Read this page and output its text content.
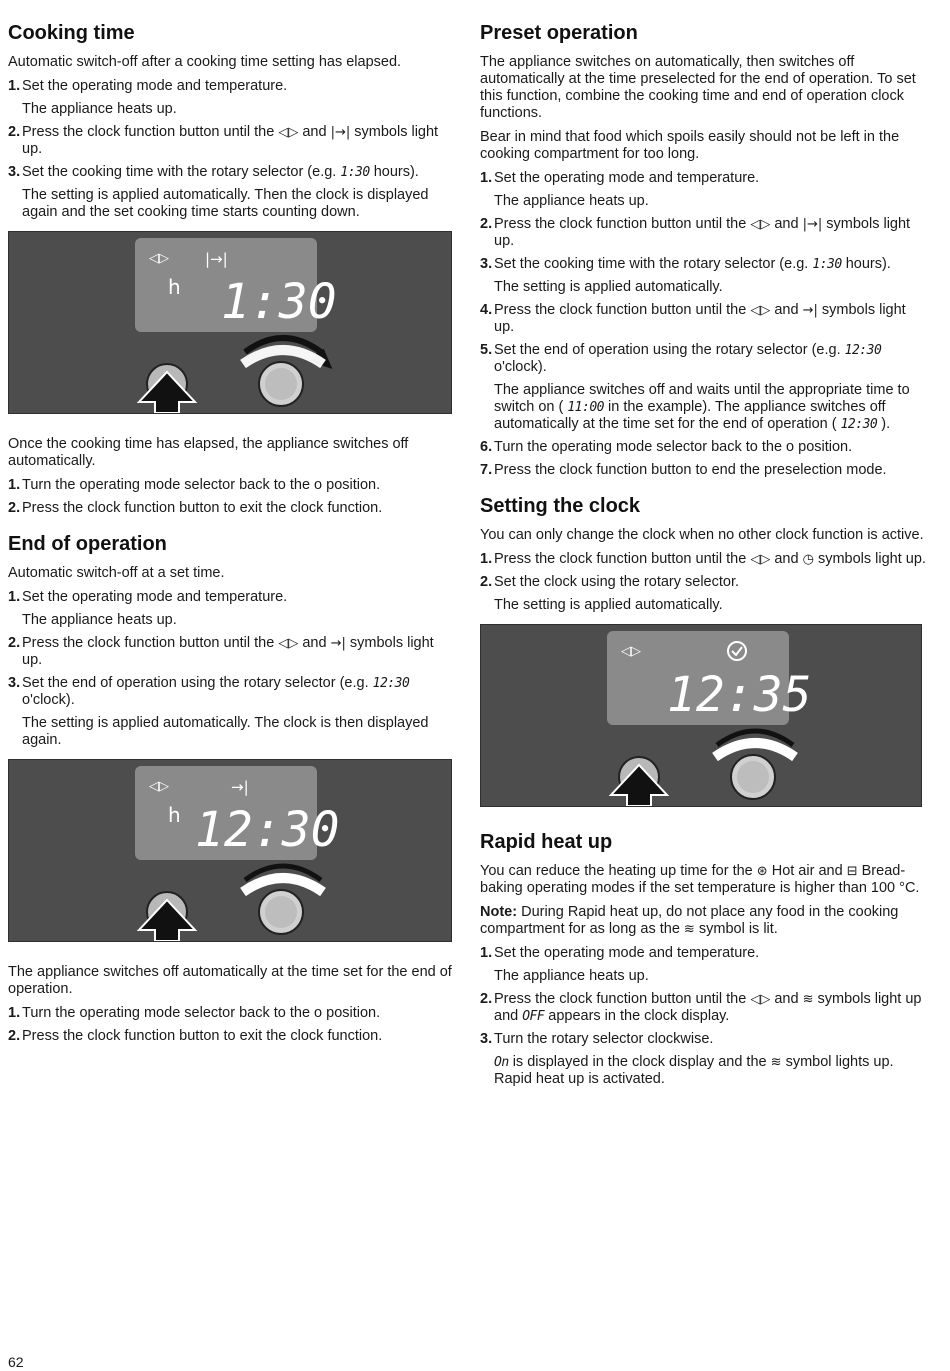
Cooking time

Automatic switch-off after a cooking time setting has elapsed.

1. Set the operating mode and temperature.

The appliance heats up.

2. Press the clock function button until the ◁▷ and |→| symbols light up.

3. Set the cooking time with the rotary selector (e.g. 1:30 hours).

The setting is applied automatically. Then the clock is displayed again and the set cooking time starts counting down.

◁▷ |→|
h 1:30

Once the cooking time has elapsed, the appliance switches off automatically.

1. Turn the operating mode selector back to the o position.

2. Press the clock function button to exit the clock function.

End of operation

Automatic switch-off at a set time.

1. Set the operating mode and temperature.

The appliance heats up.

2. Press the clock function button until the ◁▷ and →| symbols light up.

3. Set the end of operation using the rotary selector (e.g. 12:30 o'clock).

The setting is applied automatically. The clock is then displayed again.

◁▷	→|
h 12:30

The appliance switches off automatically at the time set for the end of operation.

1. Turn the operating mode selector back to the o position.

2. Press the clock function button to exit the clock function.

Preset operation

The appliance switches on automatically, then switches off automatically at the time preselected for the end of operation. To set this function, combine the cooking time and end of operation clock functions.

Bear in mind that food which spoils easily should not be left in the cooking compartment for too long.

1. Set the operating mode and temperature.

The appliance heats up.

2. Press the clock function button until the ◁▷ and |→| symbols light up.

3. Set the cooking time with the rotary selector (e.g. 1:30 hours).

The setting is applied automatically.

4. Press the clock function button until the ◁▷ and →| symbols light up.

5. Set the end of operation using the rotary selector (e.g. 12:30 o'clock).

The appliance switches off and waits until the appropriate time to switch on ( 11:00 in the example). The appliance switches off automatically at the time set for the end of operation ( 12:30 ).

6. Turn the operating mode selector back to the o position.

7. Press the clock function button to end the preselection mode.

Setting the clock

You can only change the clock when no other clock function is active.

1. Press the clock function button until the ◁▷ and ◷ symbols light up.

2. Set the clock using the rotary selector.

The setting is applied automatically.

◁▷
12:35
Rapid heat up

You can reduce the heating up time for the ⊛ Hot air and ⊟ Bread-baking operating modes if the set temperature is higher than 100 °C.

Note: During Rapid heat up, do not place any food in the cooking compartment for as long as the ≋ symbol is lit.

1. Set the operating mode and temperature.

The appliance heats up.

2. Press the clock function button until the ◁▷ and ≋ symbols light up and OFF appears in the clock display.

3. Turn the rotary selector clockwise.

On is displayed in the clock display and the ≋ symbol lights up. Rapid heat up is activated.

62
